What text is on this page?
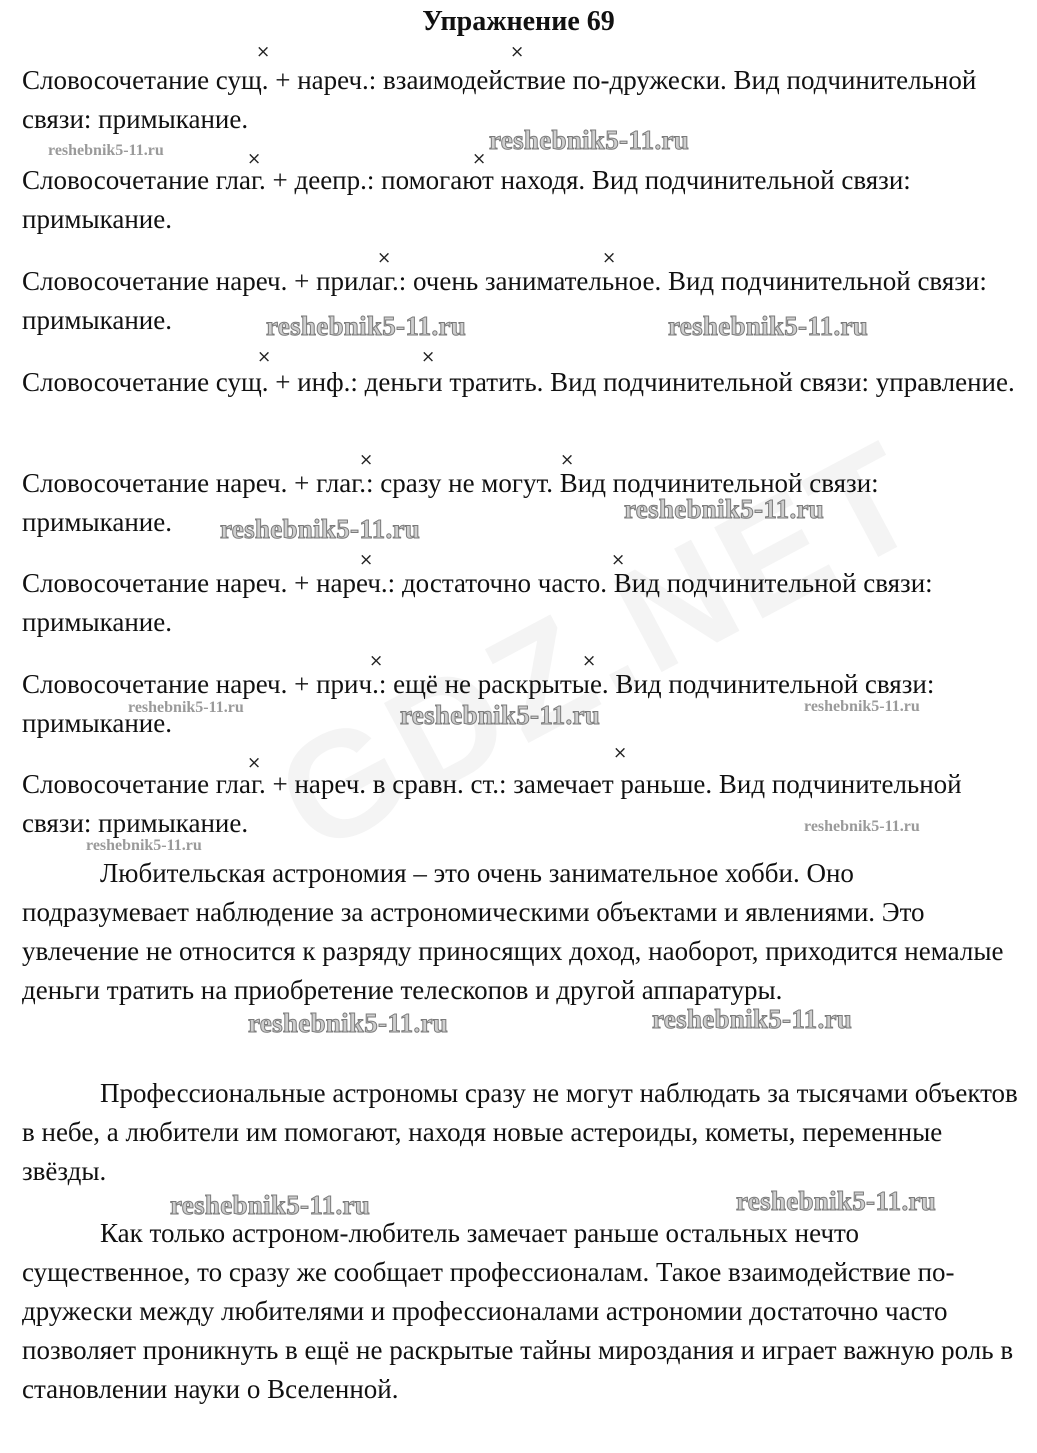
Упражнение 69

Словосочетание сущ. + нареч.: взаимодействие по-дружески. Вид подчинительной связи: примыкание.

Словосочетание глаг. + деепр.: помогают находя. Вид подчинительной связи: примыкание.

Словосочетание нареч. + прилаг.: очень занимательное. Вид подчинительной связи: примыкание.

Словосочетание сущ. + инф.: деньги тратить. Вид подчинительной связи: управление.

Словосочетание нареч. + глаг.: сразу не могут. Вид подчинительной связи: примыкание.

Словосочетание нареч. + нареч.: достаточно часто. Вид подчинительной связи: примыкание.

Словосочетание нареч. + прич.: ещё не раскрытые. Вид подчинительной связи: примыкание.

Словосочетание глаг. + нареч. в сравн. ст.: замечает раньше. Вид подчинительной связи: примыкание.

Любительская астрономия – это очень занимательное хобби. Оно подразумевает наблюдение за астрономическими объектами и явлениями. Это увлечение не относится к разряду приносящих доход, наоборот, приходится немалые деньги тратить на приобретение телескопов и другой аппаратуры.

Профессиональные астрономы сразу не могут наблюдать за тысячами объектов в небе, а любители им помогают, находя новые астероиды, кометы, переменные звёзды.

Как только астроном-любитель замечает раньше остальных нечто существенное, то сразу же сообщает профессионалам. Такое взаимодействие по-дружески между любителями и профессионалами астрономии достаточно часто позволяет проникнуть в ещё не раскрытые тайны мироздания и играет важную роль в становлении науки о Вселенной.

×	×
×	×
×	×
×	×
×	×
×	×
×	×
×	×
reshebnik5-11.ru	reshebnik5-11.ru
reshebnik5-11.ru	reshebnik5-11.ru
reshebnik5-11.ru
reshebnik5-11.ru
reshebnik5-11.ru	reshebnik5-11.ru	reshebnik5-11.ru
reshebnik5-11.ru
reshebnik5-11.ru
reshebnik5-11.ru	reshebnik5-11.ru
reshebnik5-11.ru	reshebnik5-11.ru
